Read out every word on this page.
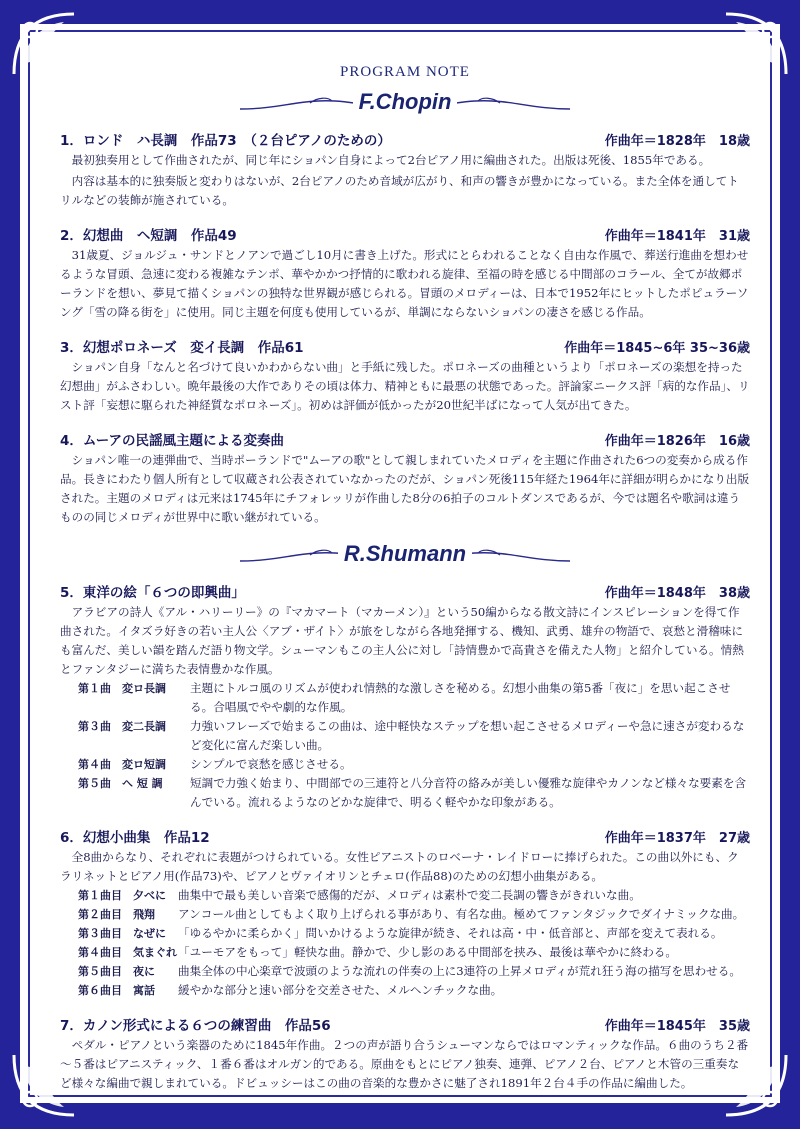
PROGRAM NOTE
F.Chopin
1．ロンド　ハ長調　作品73　（２台ピアノのための）	作曲年＝1828年　18歳

最初独奏用として作曲されたが、同じ年にショパン自身によって2台ピアノ用に編曲された。出版は死後、1855年である。

内容は基本的に独奏版と変わりはないが、2台ピアノのため音域が広がり、和声の響きが豊かになっている。また全体を通してトリルなどの装飾が施されている。

2．幻想曲　ヘ短調　作品49	作曲年＝1841年　31歳

31歳夏、ジョルジュ・サンドとノアンで過ごし10月に書き上げた。形式にとらわれることなく自由な作風で、葬送行進曲を想わせるような冒頭、急速に変わる複雑なテンポ、華やかかつ抒情的に歌われる旋律、至福の時を感じる中間部のコラール、全てが故郷ポーランドを想い、夢見て描くショパンの独特な世界観が感じられる。冒頭のメロディーは、日本で1952年にヒットしたポピュラーソング「雪の降る街を」に使用。同じ主題を何度も使用しているが、単調にならないショパンの凄さを感じる作品。

3．幻想ポロネーズ　変イ長調　作品61	作曲年＝1845~6年 35~36歳

ショパン自身「なんと名づけて良いかわからない曲」と手紙に残した。ポロネーズの曲種というより「ポロネーズの楽想を持った幻想曲」がふさわしい。晩年最後の大作でありその頃は体力、精神ともに最悪の状態であった。評論家ニークス評「病的な作品」、リスト評「妄想に駆られた神経質なポロネーズ」。初めは評価が低かったが20世紀半ばになって人気が出てきた。

4．ムーアの民謡風主題による変奏曲	作曲年＝1826年　16歳

ショパン唯一の連弾曲で、当時ポーランドで"ムーアの歌"として親しまれていたメロディを主題に作曲された6つの変奏から成る作品。長きにわたり個人所有として収蔵され公表されていなかったのだが、ショパン死後115年経た1964年に詳細が明らかになり出版された。主題のメロディは元来は1745年にチフォレッリが作曲した8分の6拍子のコルトダンスであるが、今では題名や歌詞は違うものの同じメロディが世界中に歌い継がれている。

R.Shumann
5．東洋の絵「６つの即興曲」	作曲年＝1848年　38歳

アラビアの詩人《アル・ハリーリー》の『マカマート（マカーメン）』という50編からなる散文詩にインスピレーションを得て作曲された。イタズラ好きの若い主人公〈アブ・ザイト〉が旅をしながら各地発揮する、機知、武勇、雄弁の物語で、哀愁と滑稽味にも富んだ、美しい韻を踏んだ語り物文学。シューマンもこの主人公に対し「詩情豊かで高貴さを備えた人物」と紹介している。情熱とファンタジーに満ちた表情豊かな作風。

第１曲　変ロ長調	主題にトルコ風のリズムが使われ情熱的な激しさを秘める。幻想小曲集の第5番「夜に」を思い起こさせる。合唱風でやや劇的な作風。
第３曲　変二長調	力強いフレーズで始まるこの曲は、途中軽快なステップを想い起こさせるメロディーや急に速さが変わるなど変化に富んだ楽しい曲。
第４曲　変ロ短調	シンプルで哀愁を感じさせる。
第５曲　ヘ 短 調	短調で力強く始まり、中間部での三連符と八分音符の絡みが美しい優雅な旋律やカノンなど様々な要素を含んでいる。流れるようなのどかな旋律で、明るく軽やかな印象がある。
6．幻想小曲集　作品12	作曲年＝1837年　27歳

全8曲からなり、それぞれに表題がつけられている。女性ピアニストのロベーナ・レイドローに捧げられた。この曲以外にも、クラリネットとピアノ用(作品73)や、ピアノとヴァイオリンとチェロ(作品88)のための幻想小曲集がある。

第１曲目　夕べに	曲集中で最も美しい音楽で感傷的だが、メロディは素朴で変二長調の響きがきれいな曲。
第２曲目　飛翔	アンコール曲としてもよく取り上げられる事があり、有名な曲。極めてファンタジックでダイナミックな曲。
第３曲目　なぜに	「ゆるやかに柔らかく」問いかけるような旋律が続き、それは高・中・低音部と、声部を変えて表れる。
第４曲目　気まぐれ 「ユーモアをもって」軽快な曲。静かで、少し影のある中間部を挟み、最後は華やかに終わる。
第５曲目　夜に	曲集全体の中心楽章で波頭のような流れの伴奏の上に3連符の上昇メロディが荒れ狂う海の描写を思わせる。
第６曲目　寓話	緩やかな部分と速い部分を交差させた、メルヘンチックな曲。
7．カノン形式による６つの練習曲　作品56	作曲年＝1845年　35歳

ペダル・ピアノという楽器のために1845年作曲。２つの声が語り合うシューマンならではロマンティックな作品。６曲のうち２番～５番はピアニスティック、１番６番はオルガン的である。原曲をもとにピアノ独奏、連弾、ピアノ２台、ピアノと木管の三重奏など様々な編曲で親しまれている。ドビュッシーはこの曲の音楽的な豊かさに魅了され1891年２台４手の作品に編曲した。
